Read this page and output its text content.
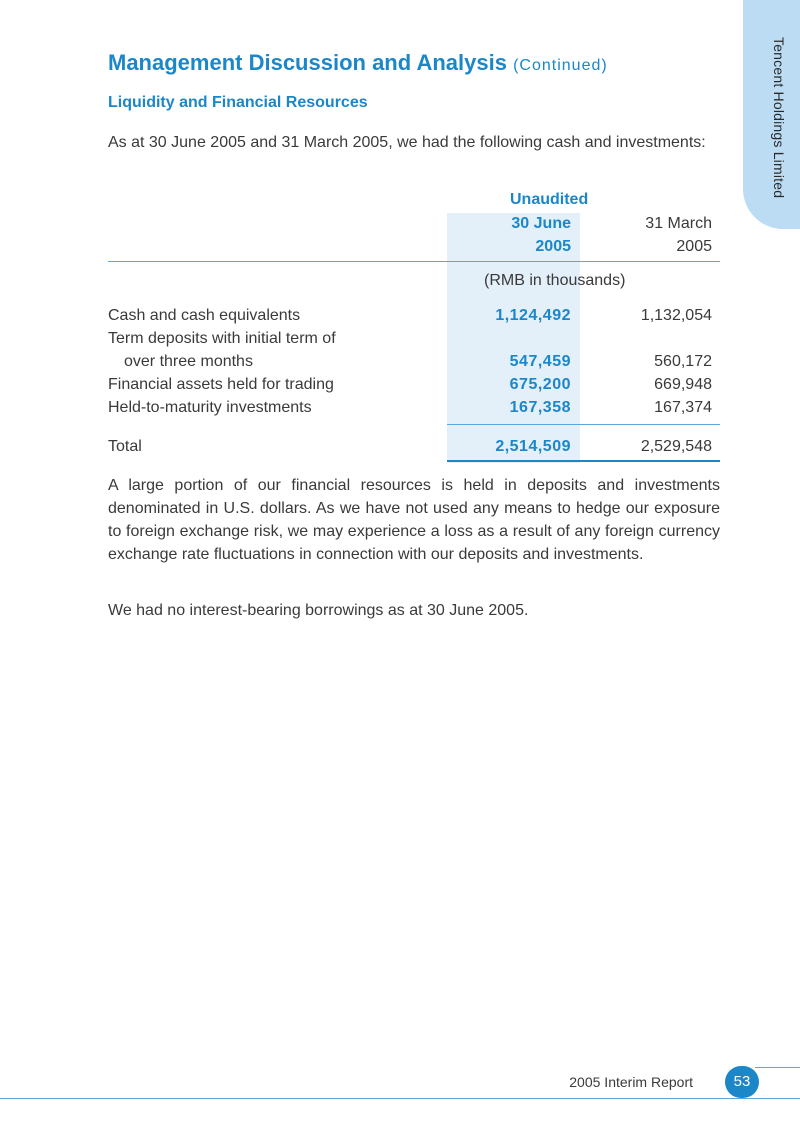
Tencent Holdings Limited
Management Discussion and Analysis (Continued)
Liquidity and Financial Resources

As at 30 June 2005 and 31 March 2005, we had the following cash and investments:

Unaudited
30 June
2005
31 March
2005
(RMB in thousands)
Cash and cash equivalents	1,124,492	1,132,054
Term deposits with initial term of
over three months	547,459	560,172
Financial assets held for trading	675,200	669,948
Held-to-maturity investments	167,358	167,374
Total	2,514,509	2,529,548

A large portion of our financial resources is held in deposits and investments denominated in U.S. dollars. As we have not used any means to hedge our exposure to foreign exchange risk, we may experience a loss as a result of any foreign currency exchange rate fluctuations in connection with our deposits and investments.

We had no interest-bearing borrowings as at 30 June 2005.

2005 Interim Report	53
